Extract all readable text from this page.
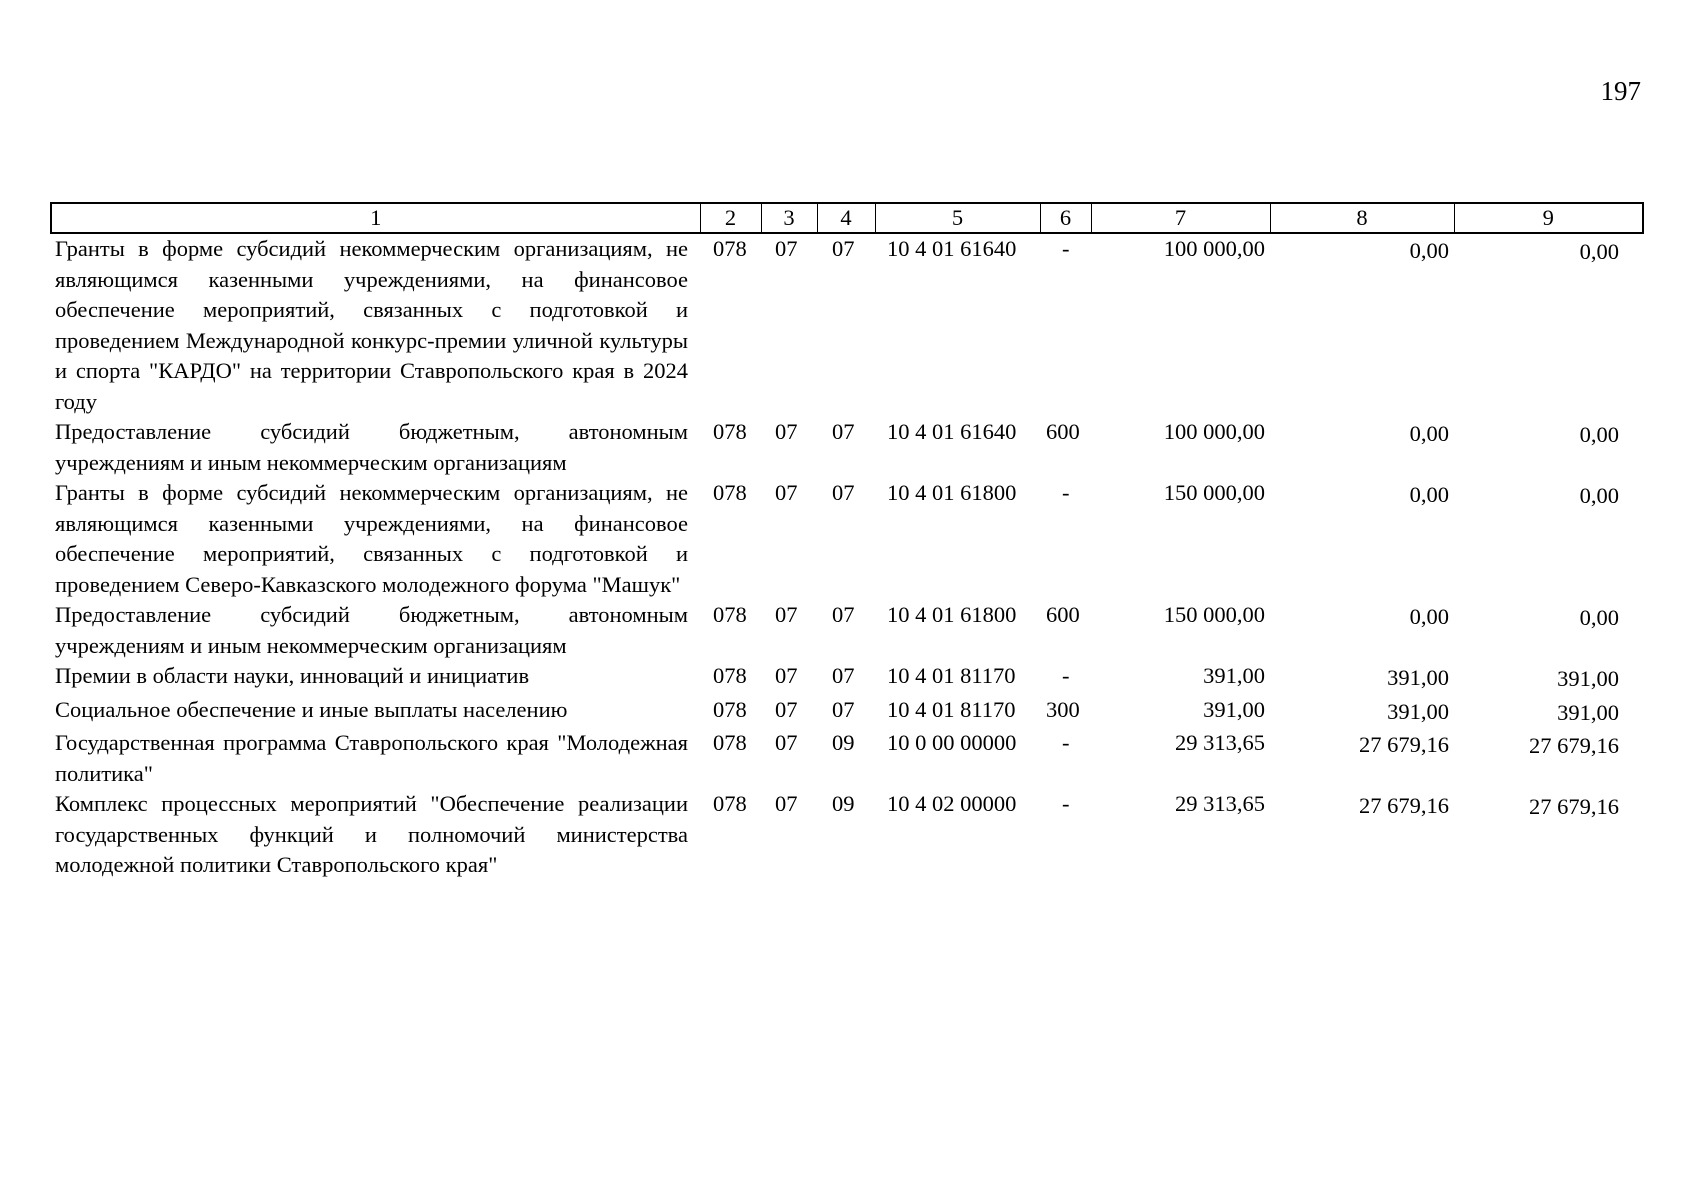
197
1	2	3	4	5	6	7	8	9
Гранты в форме субсидий некоммерческим организациям, не являющимся казенными учреждениями, на финансовое обеспечение мероприятий, связанных с подготовкой и проведением Международной конкурс-премии уличной культуры и спорта "КАРДО" на территории Ставропольского края в 2024 году	078	07	07	10 4 01 61640	-	100 000,00	0,00	0,00
Предоставление субсидий бюджетным, автономным учреждениям и иным некоммерческим организациям	078	07	07	10 4 01 61640	600	100 000,00	0,00	0,00
Гранты в форме субсидий некоммерческим организациям, не являющимся казенными учреждениями, на финансовое обеспечение мероприятий, связанных с подготовкой и проведением Северо-Кавказского молодежного форума "Машук"	078	07	07	10 4 01 61800	-	150 000,00	0,00	0,00
Предоставление субсидий бюджетным, автономным учреждениям и иным некоммерческим организациям	078	07	07	10 4 01 61800	600	150 000,00	0,00	0,00
Премии в области науки, инноваций и инициатив	078	07	07	10 4 01 81170	-	391,00	391,00	391,00
Социальное обеспечение и иные выплаты населению	078	07	07	10 4 01 81170	300	391,00	391,00	391,00
Государственная программа Ставропольского края "Молодежная политика"	078	07	09	10 0 00 00000	-	29 313,65	27 679,16	27 679,16
Комплекс процессных мероприятий "Обеспечение реализации государственных функций и полномочий министерства молодежной политики Ставропольского края"	078	07	09	10 4 02 00000	-	29 313,65	27 679,16	27 679,16
